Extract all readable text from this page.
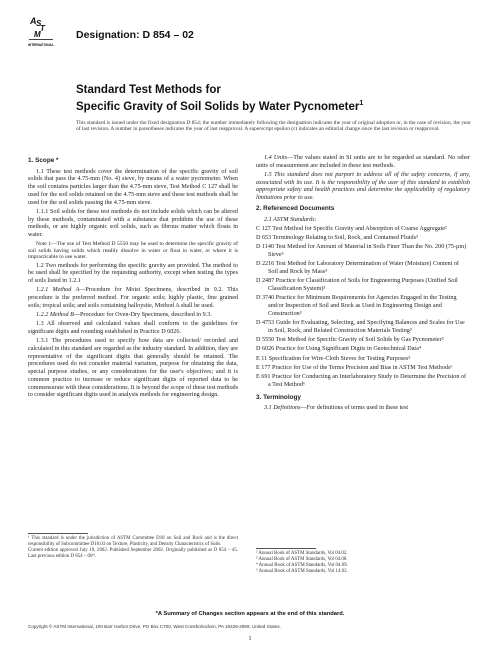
A S
T
M
INTERNATIONAL
Designation: D 854 – 02
Standard Test Methods for
Specific Gravity of Soil Solids by Water Pycnometer$^1$
This standard is issued under the fixed designation D 854; the number immediately following the designation indicates the year of original adoption or, in the case of revision, the year of last revision. A number in parentheses indicates the year of last reapproval. A superscript epsilon (ε) indicates an editorial change since the last revision or reapproval.

1. Scope *

1.1 These test methods cover the determination of the specific gravity of soil solids that pass the 4.75-mm (No. 4) sieve, by means of a water pycnometer. When the soil contains particles larger than the 4.75-mm sieve, Test Method C 127 shall be used for the soil solids retained on the 4.75-mm sieve and these test methods shall be used for the soil solids passing the 4.75-mm sieve.

1.1.1 Soil solids for these test methods do not include solids which can be altered by these methods, contaminated with a substance that prohibits the use of these methods, or are highly organic soil solids, such as fibrous matter which floats in water.

Note 1—The use of Test Method D 5550 may be used to determine the specific gravity of soil solids having solids which readily dissolve in water or float in water, or where it is impracticable to use water.

1.2 Two methods for performing the specific gravity are provided. The method to be used shall be specified by the requesting authority, except when testing the types of soils listed in 1.2.1

1.2.1 Method A—Procedure for Moist Specimens, described in 9.2. This procedure is the preferred method. For organic soils; highly plastic, fine grained soils; tropical soils; and soils containing halloysite, Method A shall be used.

1.2.2 Method B—Procedure for Oven-Dry Specimens, described in 9.3.

1.3 All observed and calculated values shall conform to the guidelines for significant digits and rounding established in Practice D 6026.

1.3.1 The procedures used to specify how data are collected/ recorded and calculated in this standard are regarded as the industry standard. In addition, they are representative of the significant digits that generally should be retained. The procedures used do not consider material variation, purpose for obtaining the data, special purpose studies, or any considerations for the user's objectives; and it is common practice to increase or reduce significant digits of reported data to be commensurate with these considerations. It is beyond the scope of these test methods to consider significant digits used in analysis methods for engineering design.

¹ This standard is under the jurisdiction of ASTM Committee D18 on Soil and Rock and is the direct responsibility of Subcommittee D18.03 on Texture, Plasticity, and Density Characteristics of Soils.
Current edition approved July 10, 2002. Published September 2002. Originally published as D 854 – 45. Last previous edition D 854 – 00ᵉ¹.

1.4 Units—The values stated in SI units are to be regarded as standard. No other units of measurement are included in these test methods.

1.5 This standard does not purport to address all of the safety concerns, if any, associated with its use. It is the responsibility of the user of this standard to establish appropriate safety and health practices and determine the applicability of regulatory limitations prior to use.

2. Referenced Documents

2.1 ASTM Standards:

C 127 Test Method for Specific Gravity and Absorption of Coarse Aggregate²

D 653 Terminology Relating to Soil, Rock, and Contained Fluids³

D 1140 Test Method for Amount of Material in Soils Finer Than the No. 200 (75-μm) Sieve³

D 2216 Test Method for Laboratory Determination of Water (Moisture) Content of Soil and Rock by Mass³

D 2487 Practice for Classification of Soils for Engineering Purposes (Unified Soil Classification System)³

D 3740 Practice for Minimum Requirements for Agencies Engaged in the Testing and/or Inspection of Soil and Rock as Used in Engineering Design and Construction³

D 4753 Guide for Evaluating, Selecting, and Specifying Balances and Scales for Use in Soil, Rock, and Related Construction Materials Testing³

D 5550 Test Method for Specific Gravity of Soil Solids by Gas Pycnometer³

D 6026 Practice for Using Significant Digits in Geotechnical Data⁴

E 11 Specification for Wire-Cloth Sieves for Testing Purposes⁵

E 177 Practice for Use of the Terms Precision and Bias in ASTM Test Methods⁶

E 691 Practice for Conducting an Interlaboratory Study to Determine the Precision of a Test Method⁶

3. Terminology

3.1 Definitions—For definitions of terms used in these test

² Annual Book of ASTM Standards, Vol 04.02.
³ Annual Book of ASTM Standards, Vol 04.08.
⁴ Annual Book of ASTM Standards, Vol 04.09.
⁵ Annual Book of ASTM Standards, Vol 14.02.
*A Summary of Changes section appears at the end of this standard.
Copyright © ASTM International, 100 Barr Harbor Drive, PO Box C700, West Conshohocken, PA 19428-2959, United States.
1
